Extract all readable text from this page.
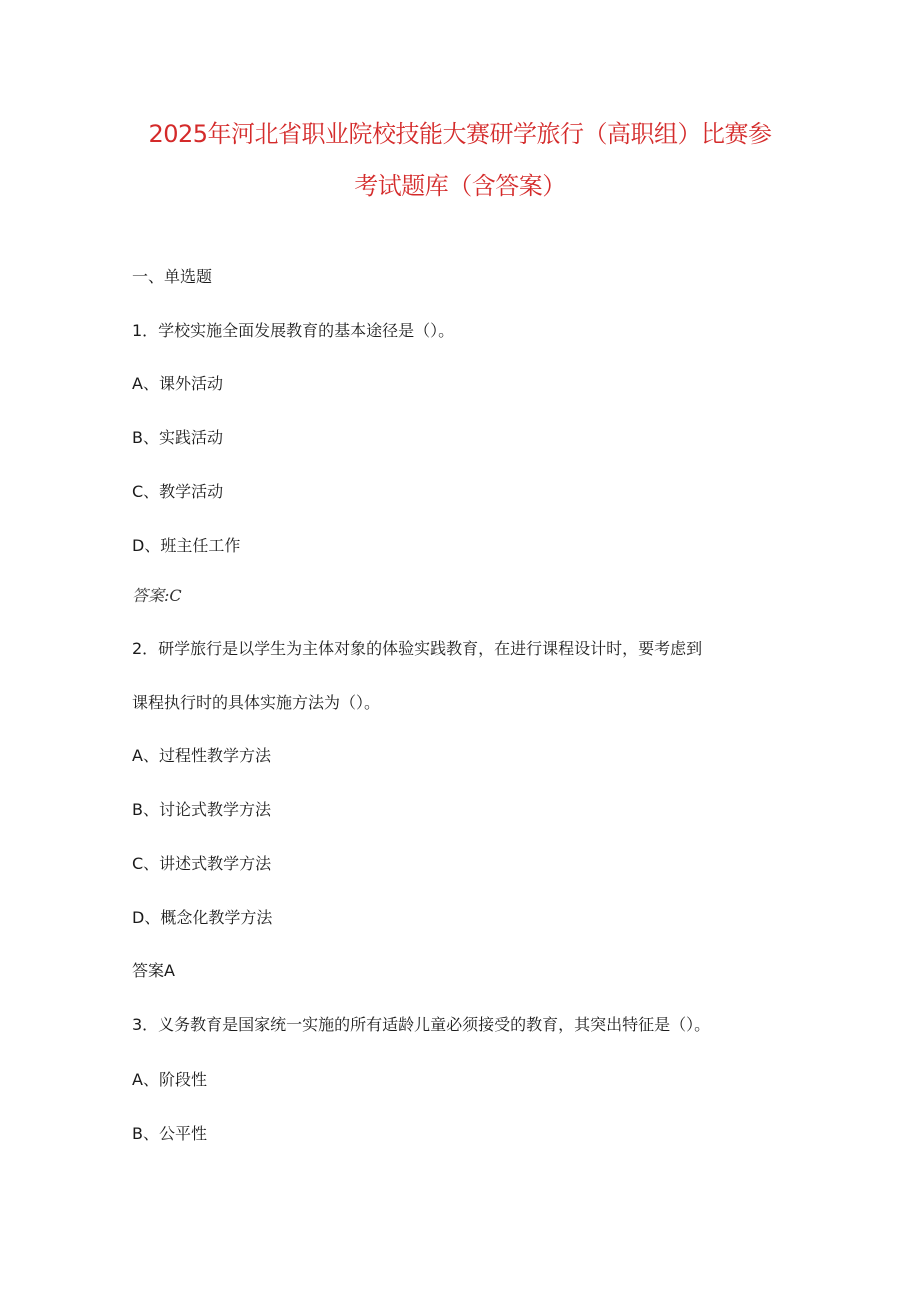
2025年河北省职业院校技能大赛研学旅行（高职组）比赛参
考试题库（含答案）
一、单选题
1．学校实施全面发展教育的基本途径是（）。
A、课外活动
B、实践活动
C、教学活动
D、班主任工作
答案:C
2．研学旅行是以学生为主体对象的体验实践教育，在进行课程设计时，要考虑到
课程执行时的具体实施方法为（）。
A、过程性教学方法
B、讨论式教学方法
C、讲述式教学方法
D、概念化教学方法
答案A
3．义务教育是国家统一实施的所有适龄儿童必须接受的教育，其突出特征是（）。
A、阶段性
B、公平性
